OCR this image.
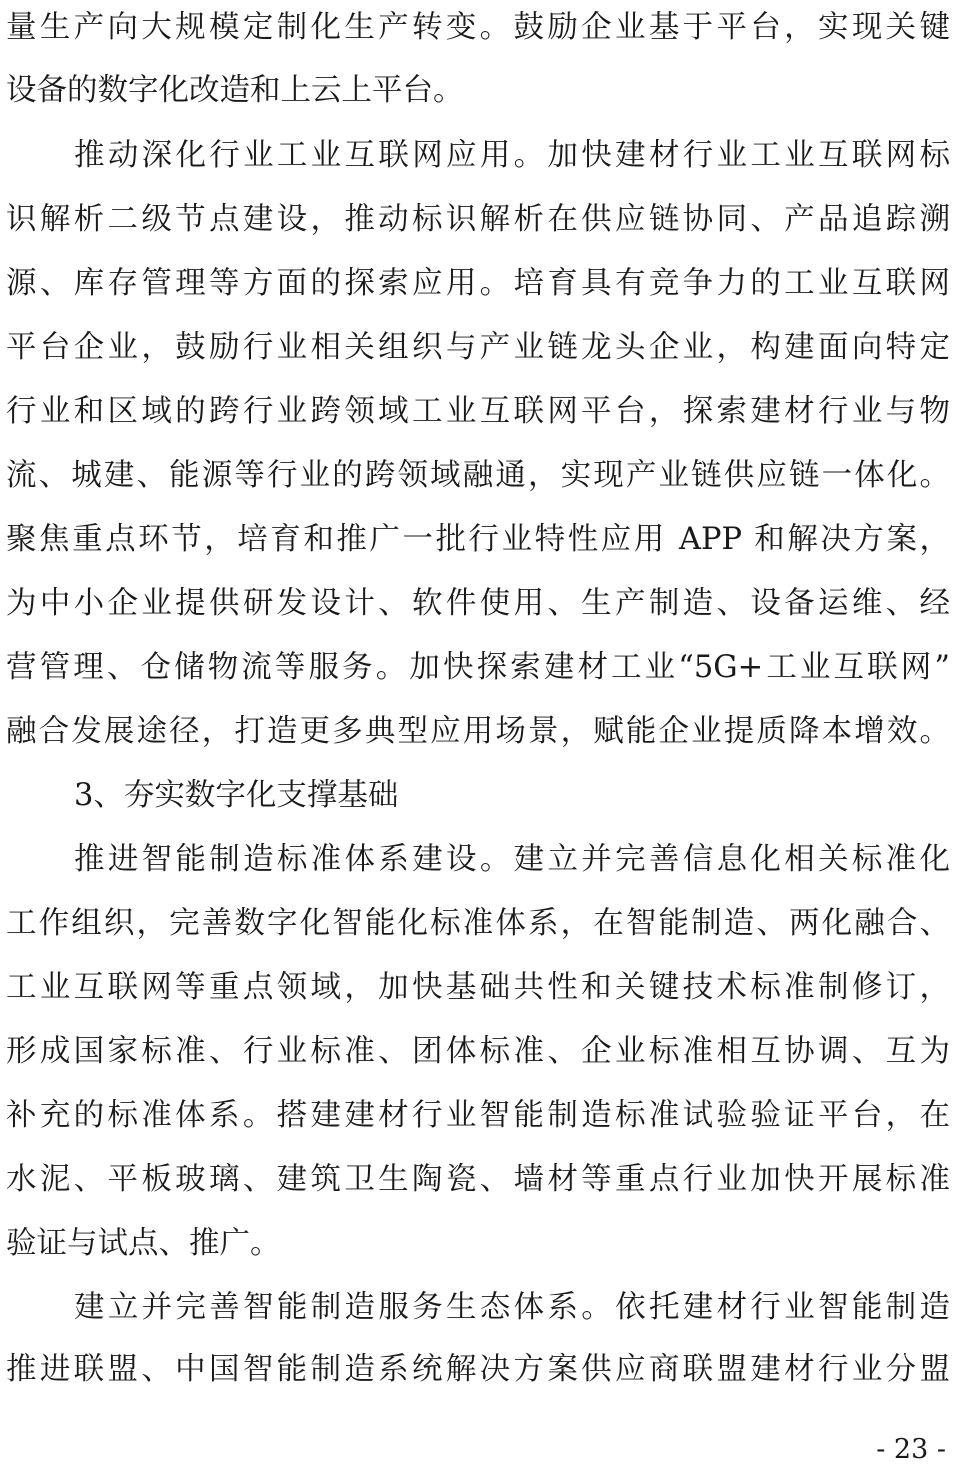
量生产向大规模定制化生产转变。鼓励企业基于平台，实现关键
设备的数字化改造和上云上平台。
推动深化行业工业互联网应用。加快建材行业工业互联网标
识解析二级节点建设，推动标识解析在供应链协同、产品追踪溯
源、库存管理等方面的探索应用。培育具有竞争力的工业互联网
平台企业，鼓励行业相关组织与产业链龙头企业，构建面向特定
行业和区域的跨行业跨领域工业互联网平台，探索建材行业与物
流、城建、能源等行业的跨领域融通，实现产业链供应链一体化。
聚焦重点环节，培育和推广一批行业特性应用 APP 和解决方案，
为中小企业提供研发设计、软件使用、生产制造、设备运维、经
营管理、仓储物流等服务。加快探索建材工业“5G+工业互联网”
融合发展途径，打造更多典型应用场景，赋能企业提质降本增效。
3、夯实数字化支撑基础
推进智能制造标准体系建设。建立并完善信息化相关标准化
工作组织，完善数字化智能化标准体系，在智能制造、两化融合、
工业互联网等重点领域，加快基础共性和关键技术标准制修订，
形成国家标准、行业标准、团体标准、企业标准相互协调、互为
补充的标准体系。搭建建材行业智能制造标准试验验证平台，在
水泥、平板玻璃、建筑卫生陶瓷、墙材等重点行业加快开展标准
验证与试点、推广。
建立并完善智能制造服务生态体系。依托建材行业智能制造
推进联盟、中国智能制造系统解决方案供应商联盟建材行业分盟
- 23 -
